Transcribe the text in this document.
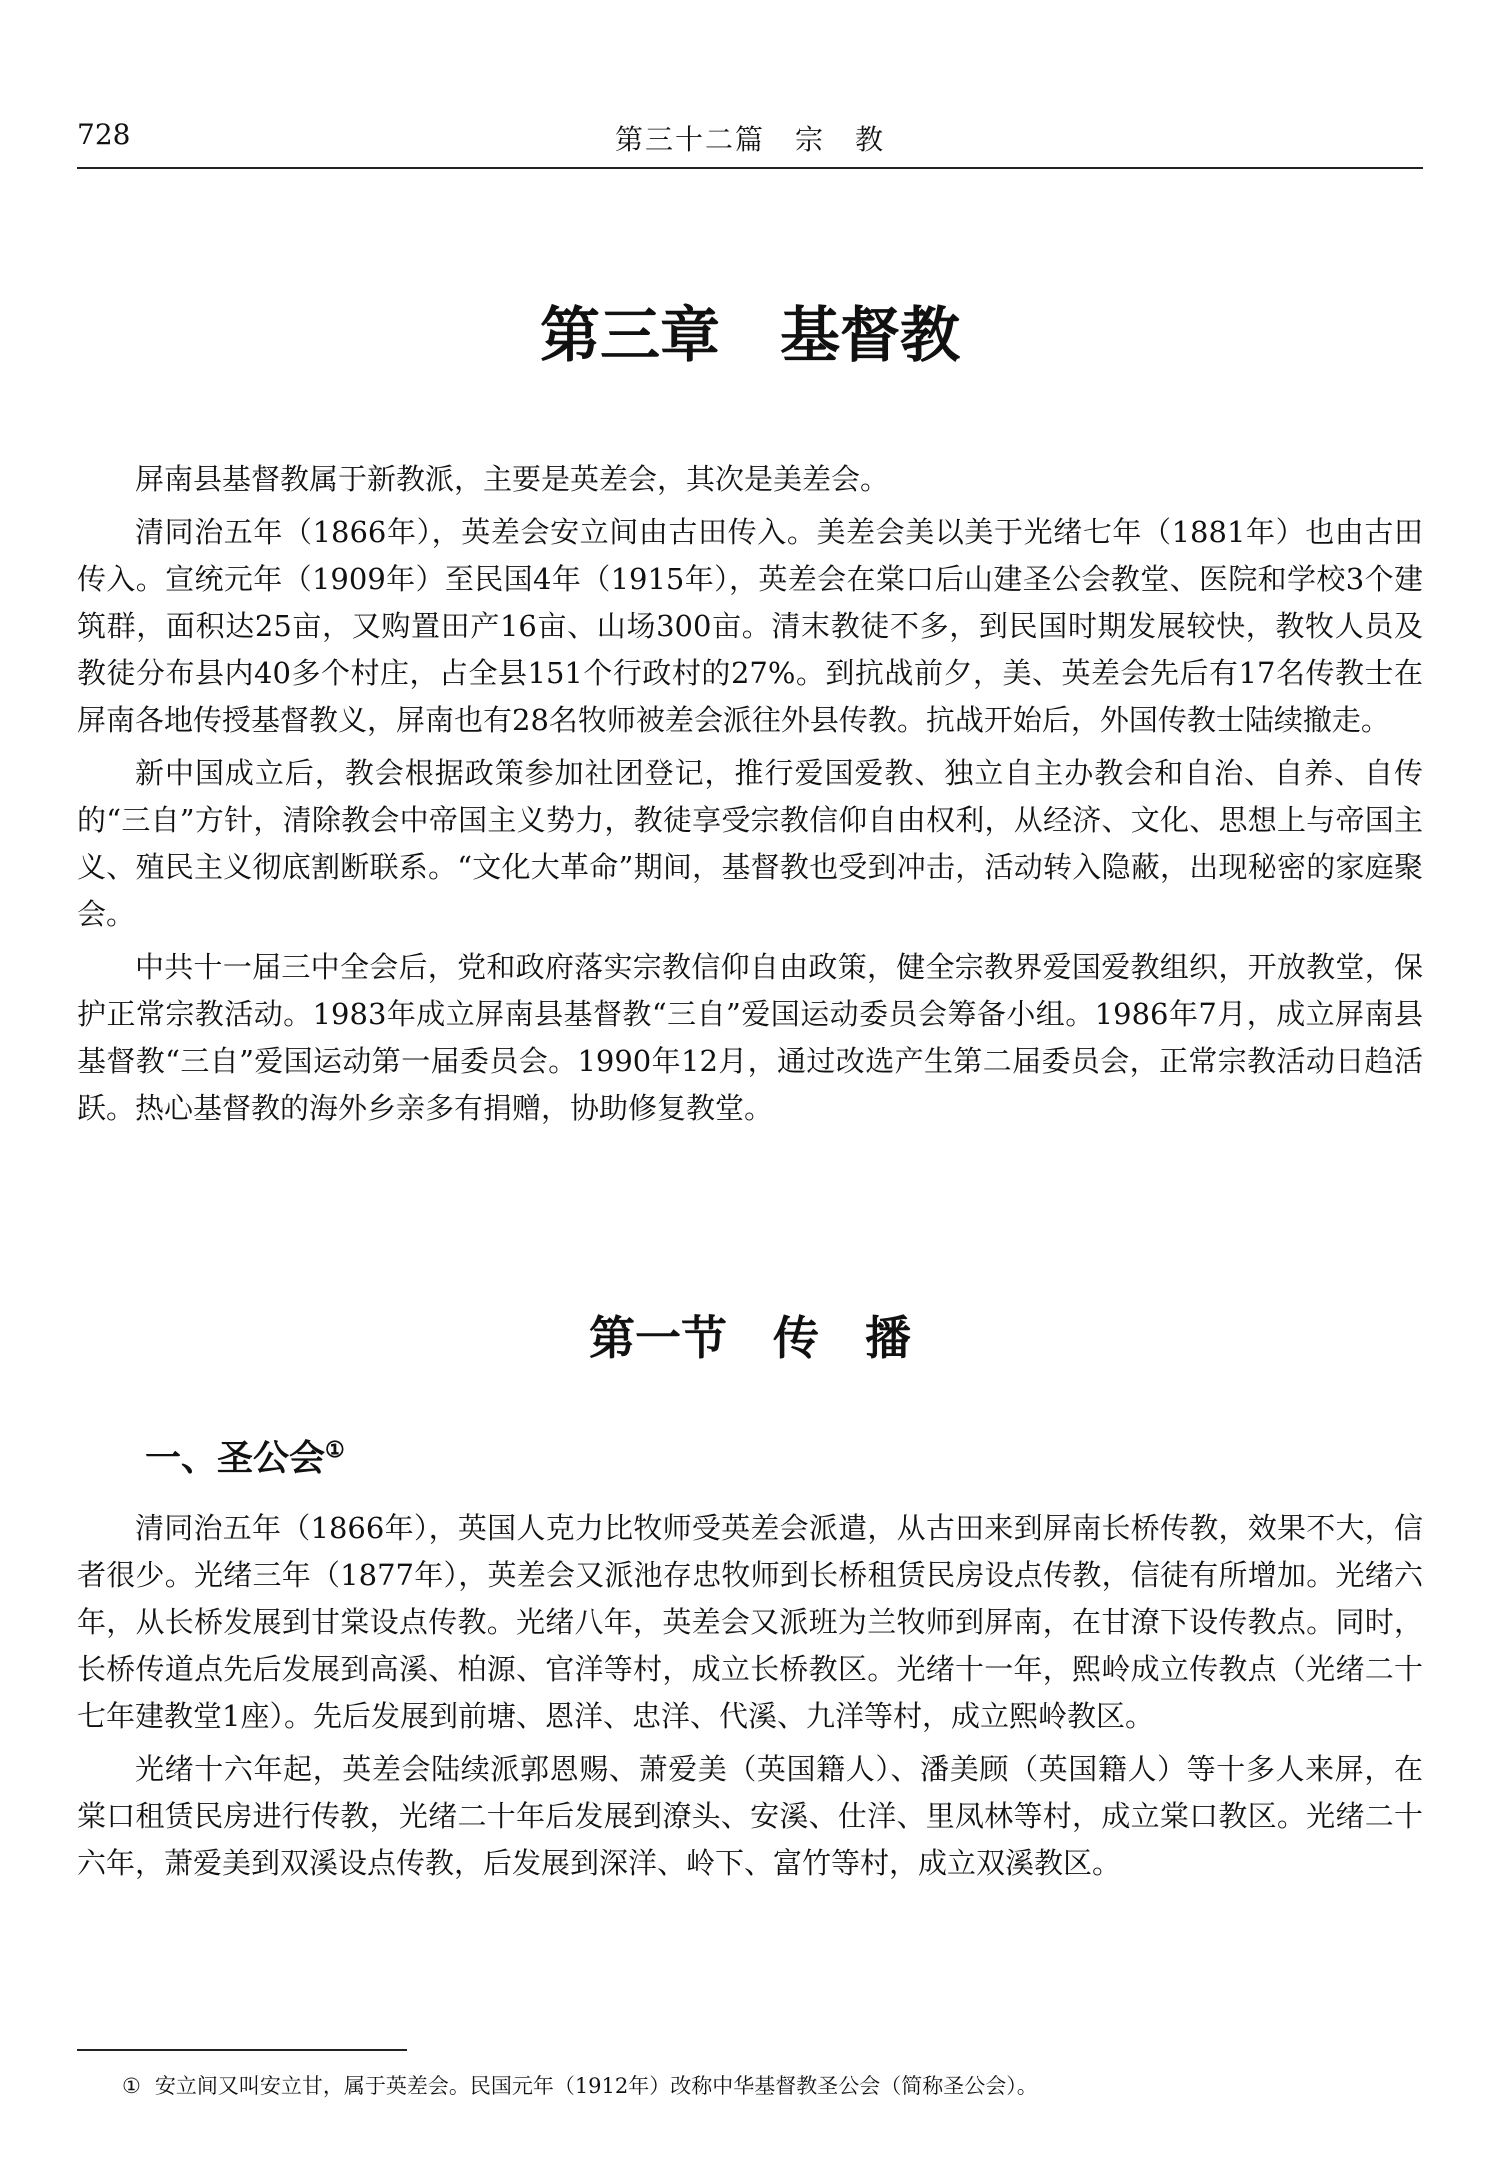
728	第三十二篇　宗　教
第三章　基督教

屏南县基督教属于新教派，主要是英差会，其次是美差会。

清同治五年（1866年），英差会安立间由古田传入。美差会美以美于光绪七年（1881年）也由古田传入。宣统元年（1909年）至民国4年（1915年），英差会在棠口后山建圣公会教堂、医院和学校3个建筑群，面积达25亩，又购置田产16亩、山场300亩。清末教徒不多，到民国时期发展较快，教牧人员及教徒分布县内40多个村庄，占全县151个行政村的27%。到抗战前夕，美、英差会先后有17名传教士在屏南各地传授基督教义，屏南也有28名牧师被差会派往外县传教。抗战开始后，外国传教士陆续撤走。

新中国成立后，教会根据政策参加社团登记，推行爱国爱教、独立自主办教会和自治、自养、自传的“三自”方针，清除教会中帝国主义势力，教徒享受宗教信仰自由权利，从经济、文化、思想上与帝国主义、殖民主义彻底割断联系。“文化大革命”期间，基督教也受到冲击，活动转入隐蔽，出现秘密的家庭聚会。

中共十一届三中全会后，党和政府落实宗教信仰自由政策，健全宗教界爱国爱教组织，开放教堂，保护正常宗教活动。1983年成立屏南县基督教“三自”爱国运动委员会筹备小组。1986年7月，成立屏南县基督教“三自”爱国运动第一届委员会。1990年12月，通过改选产生第二届委员会，正常宗教活动日趋活跃。热心基督教的海外乡亲多有捐赠，协助修复教堂。

第一节　传　播
一、圣公会①

清同治五年（1866年），英国人克力比牧师受英差会派遣，从古田来到屏南长桥传教，效果不大，信者很少。光绪三年（1877年），英差会又派池存忠牧师到长桥租赁民房设点传教，信徒有所增加。光绪六年，从长桥发展到甘棠设点传教。光绪八年，英差会又派班为兰牧师到屏南，在甘潦下设传教点。同时，长桥传道点先后发展到高溪、柏源、官洋等村，成立长桥教区。光绪十一年，熙岭成立传教点（光绪二十七年建教堂1座）。先后发展到前塘、恩洋、忠洋、代溪、九洋等村，成立熙岭教区。

光绪十六年起，英差会陆续派郭恩赐、萧爱美（英国籍人）、潘美顾（英国籍人）等十多人来屏，在棠口租赁民房进行传教，光绪二十年后发展到潦头、安溪、仕洋、里凤林等村，成立棠口教区。光绪二十六年，萧爱美到双溪设点传教，后发展到深洋、岭下、富竹等村，成立双溪教区。

① 安立间又叫安立甘，属于英差会。民国元年（1912年）改称中华基督教圣公会（简称圣公会）。
